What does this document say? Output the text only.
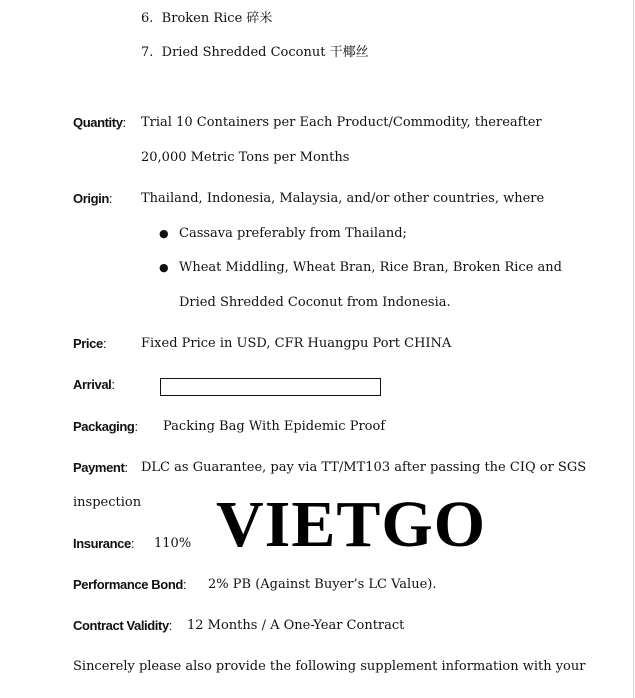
6. Broken Rice 碎米
7. Dried Shredded Coconut 干椰丝
Quantity: Trial 10 Containers per Each Product/Commodity, thereafter
20,000 Metric Tons per Months
Origin: Thailand, Indonesia, Malaysia, and/or other countries, where
● Cassava preferably from Thailand;
● Wheat Middling, Wheat Bran, Rice Bran, Broken Rice and
Dried Shredded Coconut from Indonesia.
Price:	Fixed Price in USD, CFR Huangpu Port CHINA
Arrival:
Packaging: Packing Bag With Epidemic Proof
Payment: DLC as Guarantee, pay via TT/MT103 after passing the CIQ or SGS
inspection VIETGO
Insurance: 110%
Performance Bond: 2% PB (Against Buyer’s LC Value).
Contract Validity: 12 Months / A One-Year Contract
Sincerely please also provide the following supplement information with your
